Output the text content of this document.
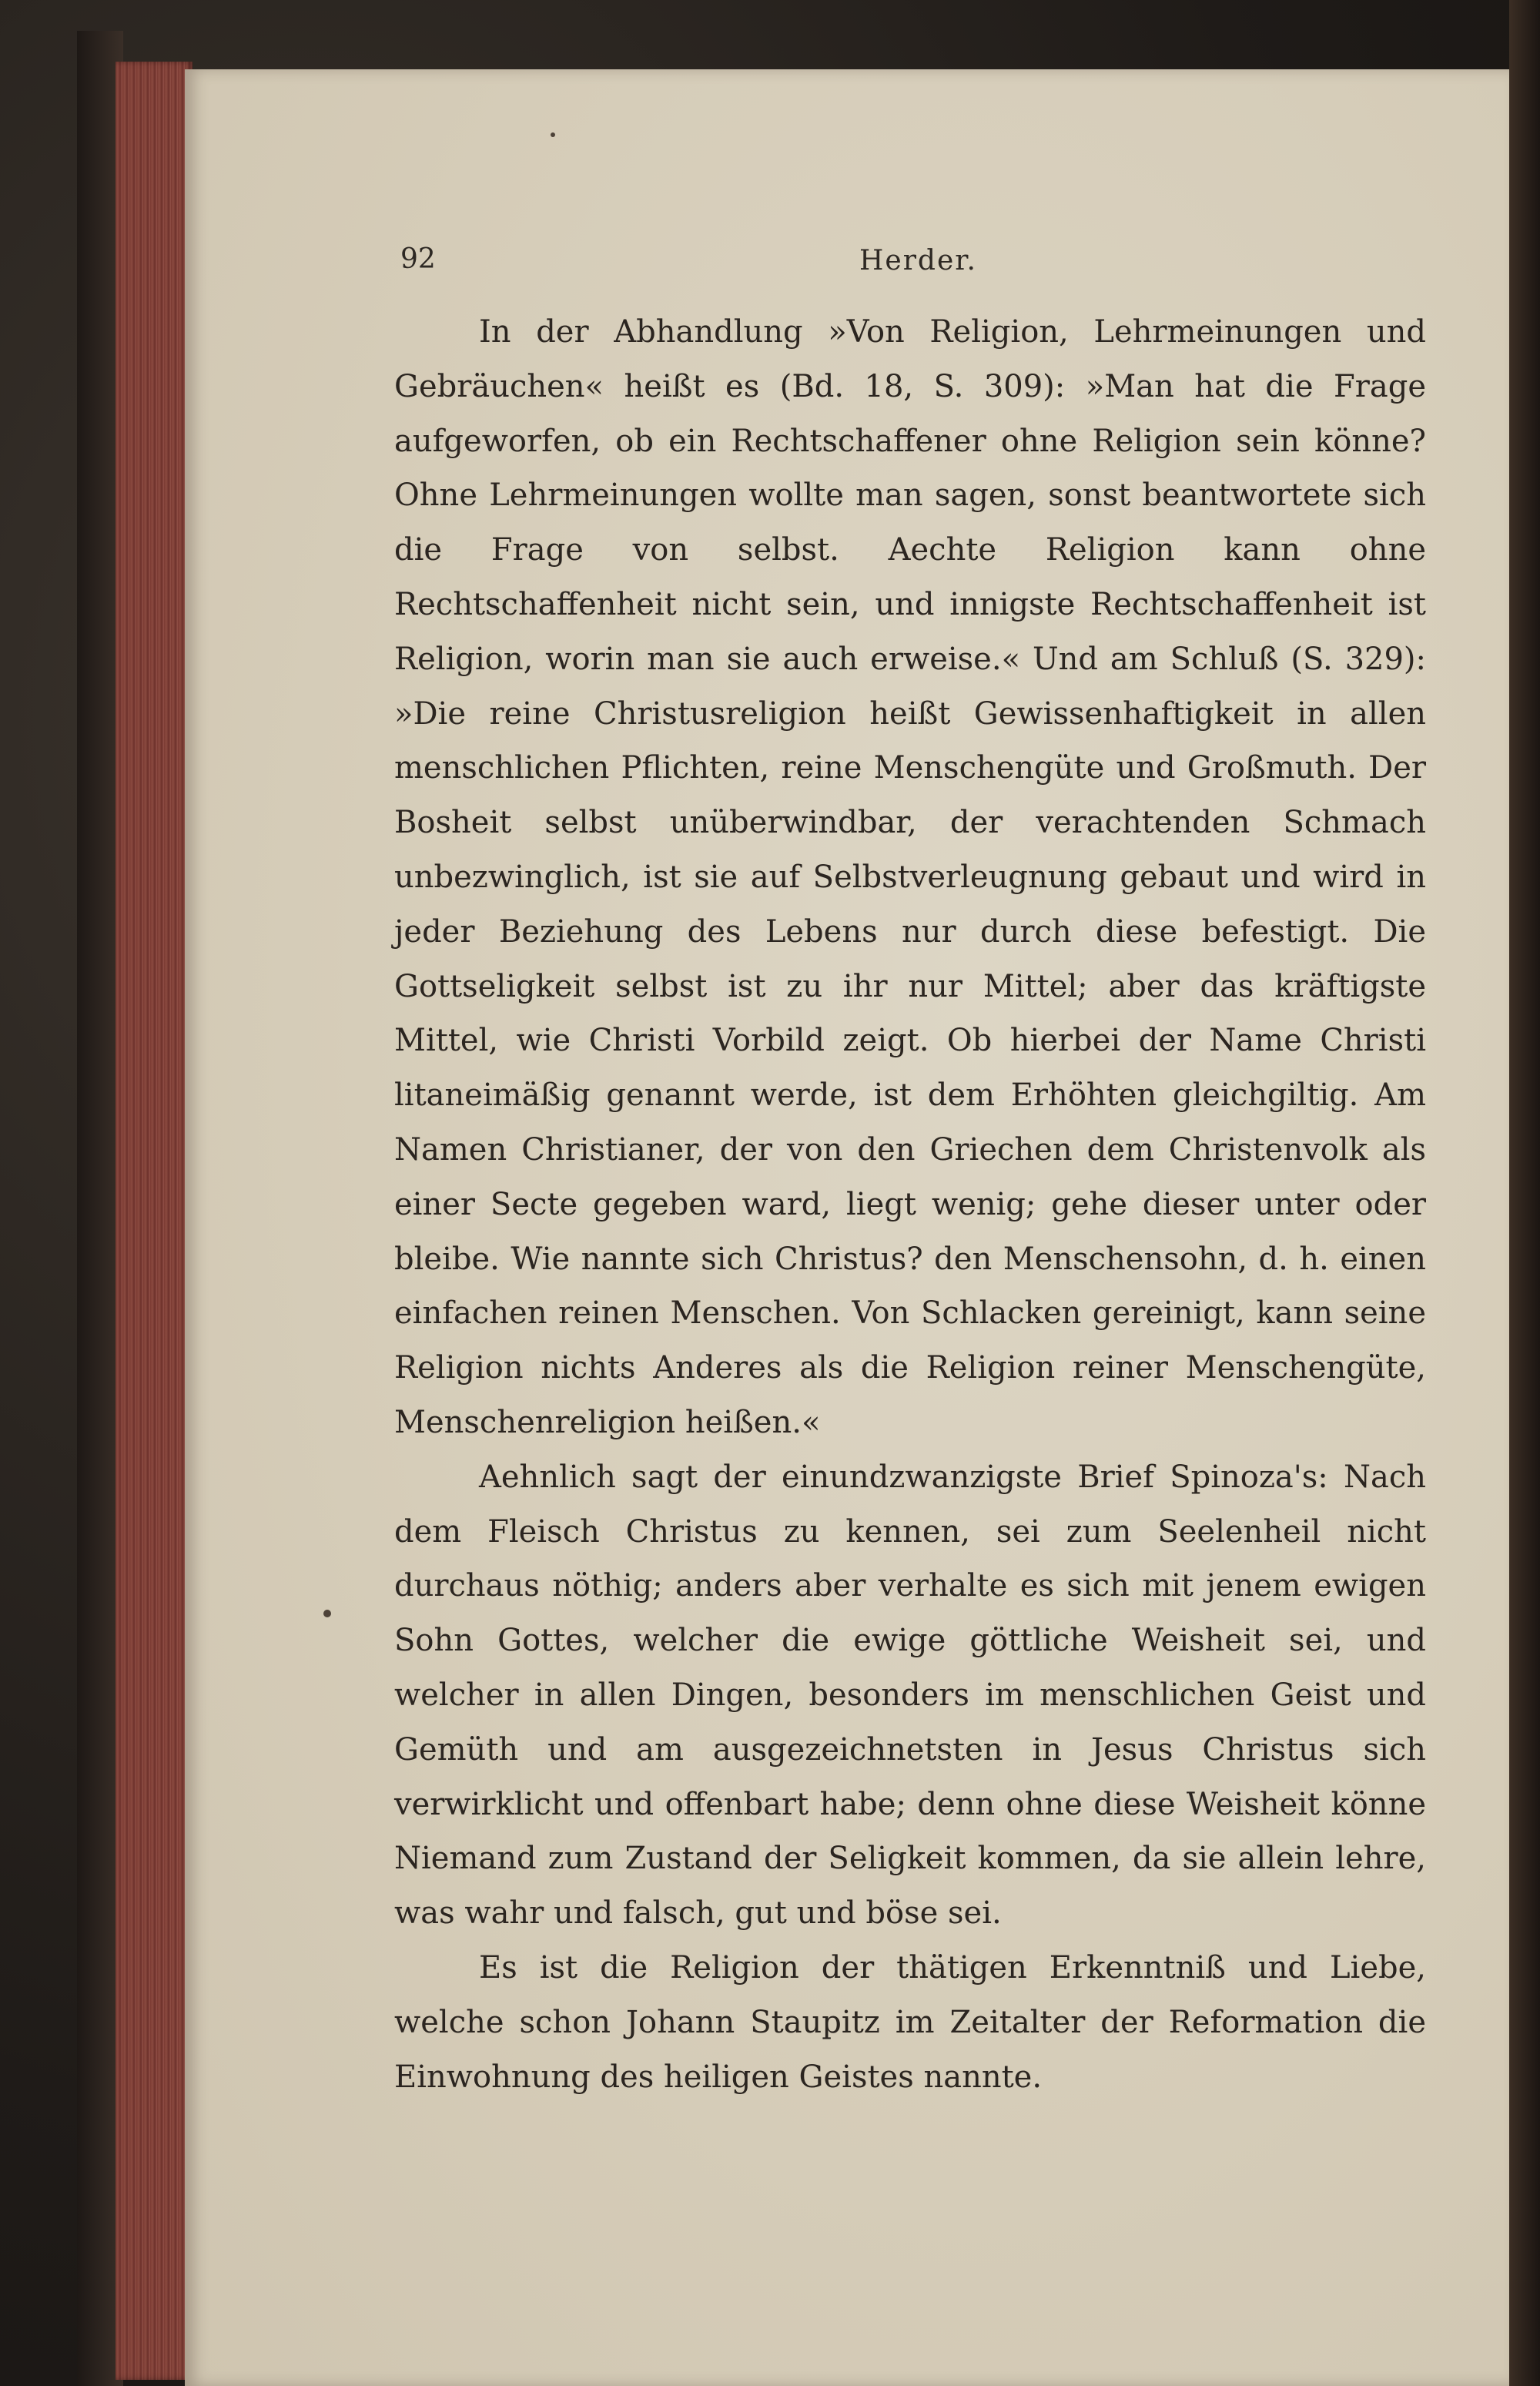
92	Herder.

In der Abhandlung »Von Religion, Lehrmeinungen und Gebräuchen« heißt es (Bd. 18, S. 309): »Man hat die Frage aufgeworfen, ob ein Rechtschaffener ohne Religion sein könne? Ohne Lehrmeinungen wollte man sagen, sonst beantwortete sich die Frage von selbst. Aechte Religion kann ohne Rechtschaffenheit nicht sein, und innigste Rechtschaffenheit ist Religion, worin man sie auch erweise.« Und am Schluß (S. 329): »Die reine Christusreligion heißt Gewissenhaftigkeit in allen menschlichen Pflichten, reine Menschengüte und Großmuth. Der Bosheit selbst unüberwindbar, der verachtenden Schmach unbezwinglich, ist sie auf Selbstverleugnung gebaut und wird in jeder Beziehung des Lebens nur durch diese befestigt. Die Gottseligkeit selbst ist zu ihr nur Mittel; aber das kräftigste Mittel, wie Christi Vorbild zeigt. Ob hierbei der Name Christi litaneimäßig genannt werde, ist dem Erhöhten gleichgiltig. Am Namen Christianer, der von den Griechen dem Christenvolk als einer Secte gegeben ward, liegt wenig; gehe dieser unter oder bleibe. Wie nannte sich Christus? den Menschensohn, d. h. einen einfachen reinen Menschen. Von Schlacken gereinigt, kann seine Religion nichts Anderes als die Religion reiner Menschengüte, Menschenreligion heißen.«

Aehnlich sagt der einundzwanzigste Brief Spinoza's: Nach dem Fleisch Christus zu kennen, sei zum Seelenheil nicht durchaus nöthig; anders aber verhalte es sich mit jenem ewigen Sohn Gottes, welcher die ewige göttliche Weisheit sei, und welcher in allen Dingen, besonders im menschlichen Geist und Gemüth und am ausgezeichnetsten in Jesus Christus sich verwirklicht und offenbart habe; denn ohne diese Weisheit könne Niemand zum Zustand der Seligkeit kommen, da sie allein lehre, was wahr und falsch, gut und böse sei.

Es ist die Religion der thätigen Erkenntniß und Liebe, welche schon Johann Staupitz im Zeitalter der Reformation die Einwohnung des heiligen Geistes nannte.
